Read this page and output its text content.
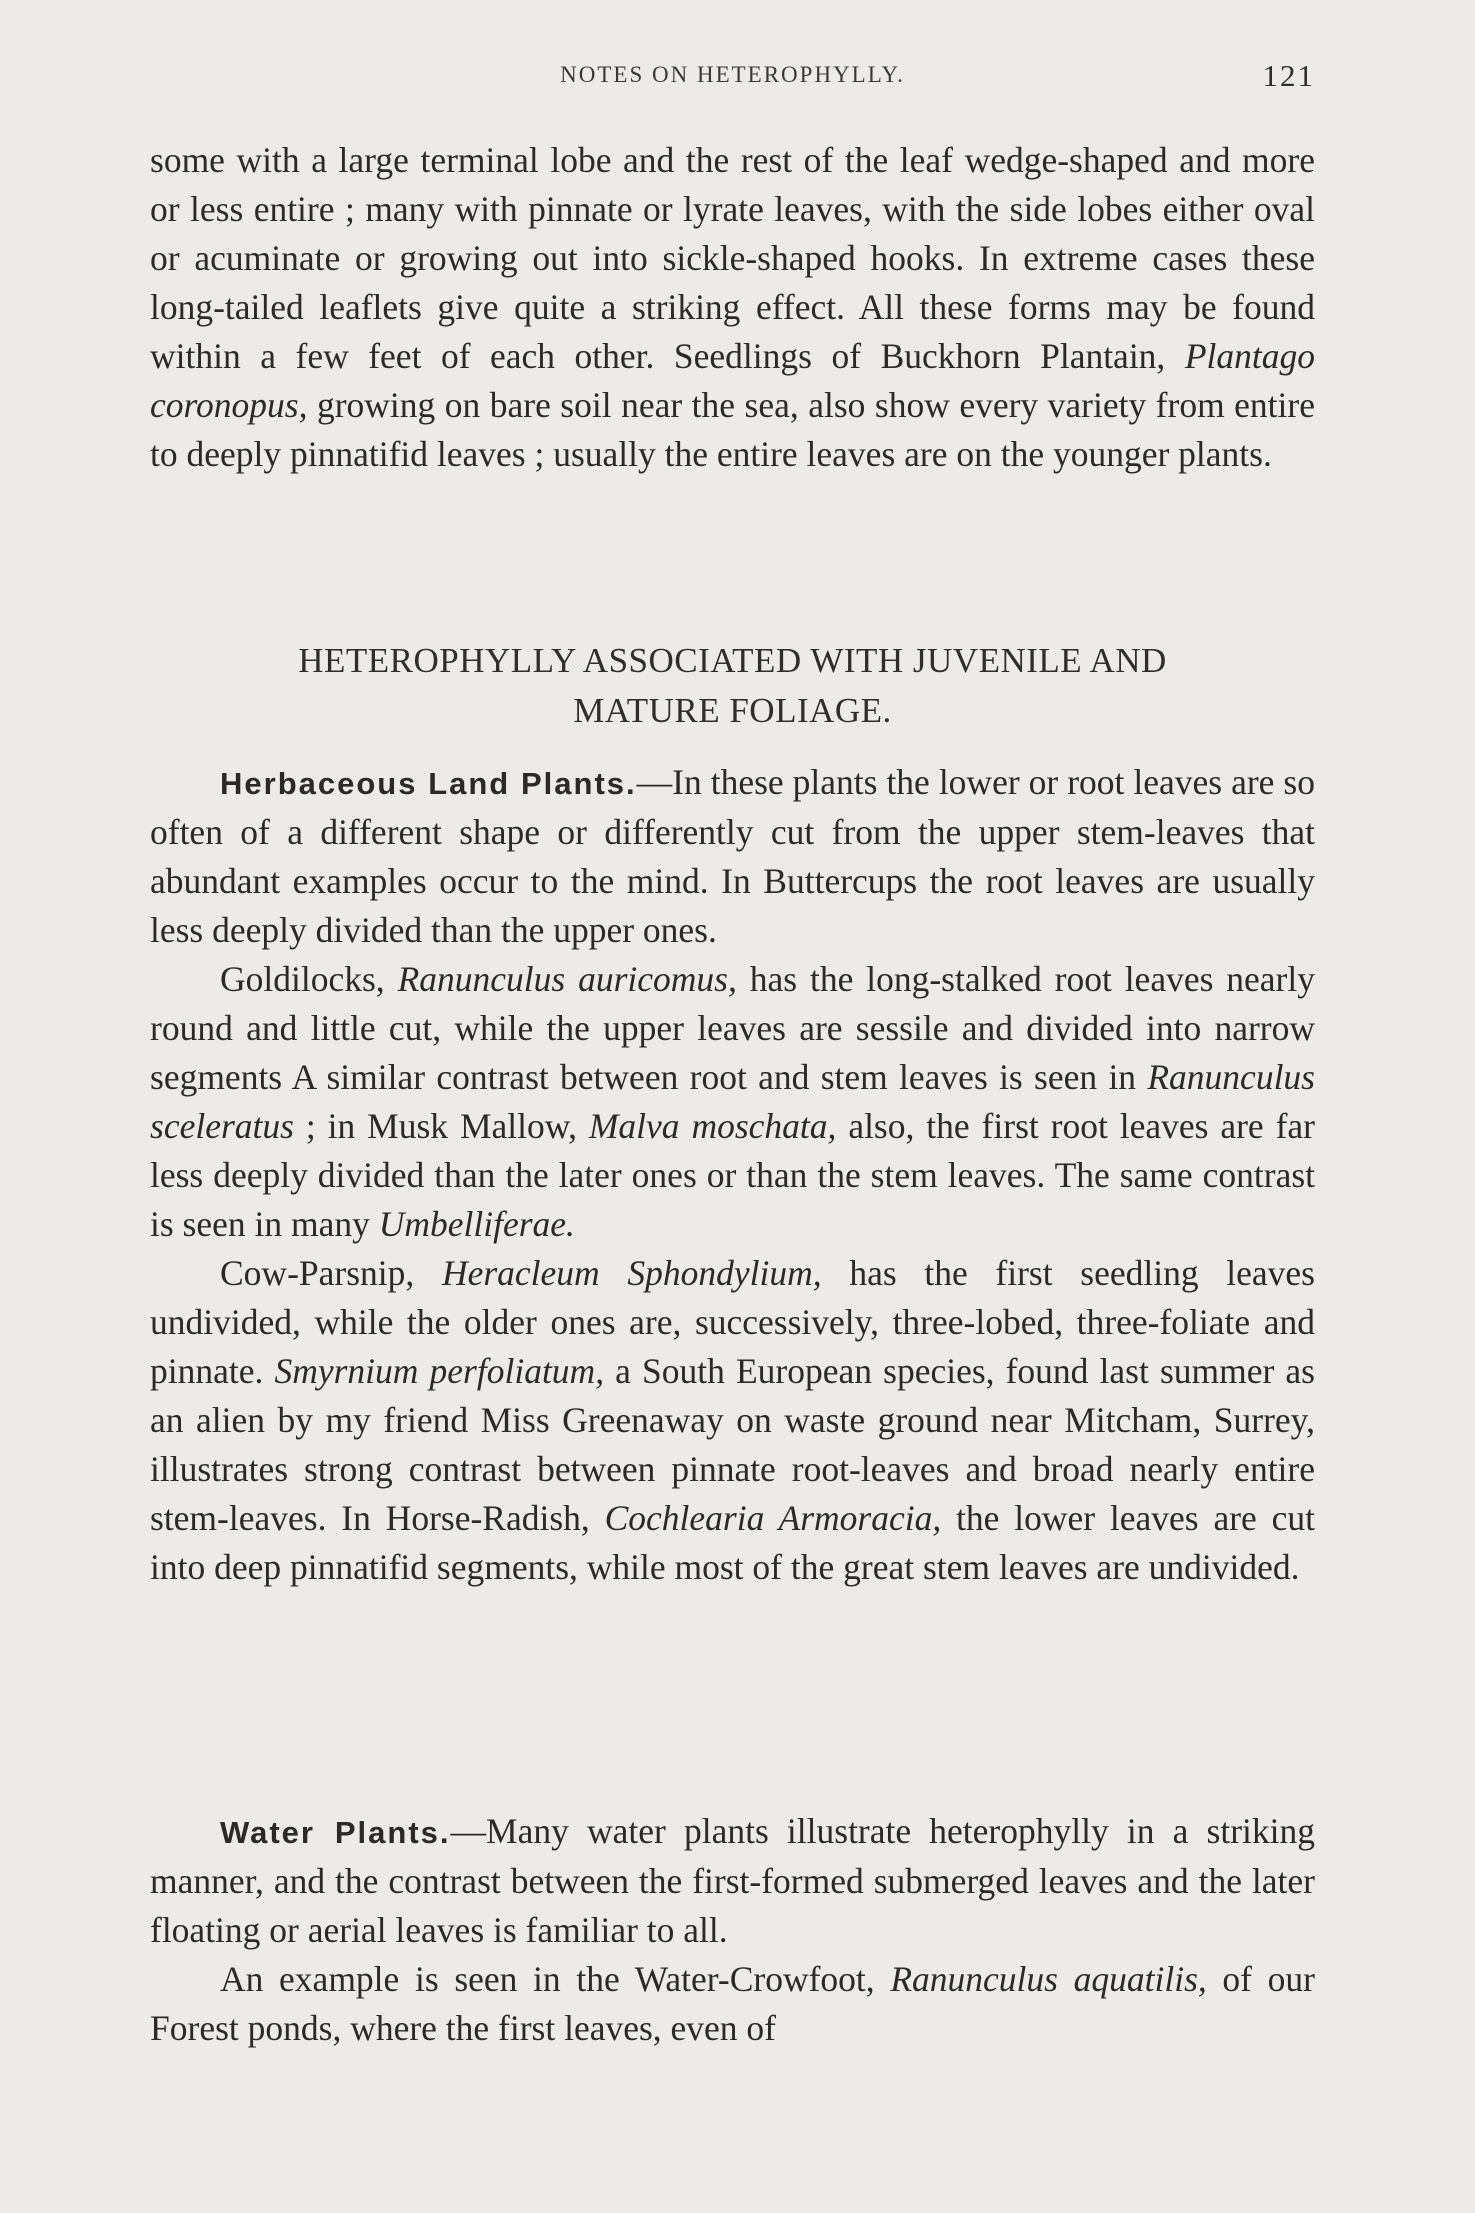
NOTES ON HETEROPHYLLY.	121

some with a large terminal lobe and the rest of the leaf wedge-shaped and more or less entire ; many with pinnate or lyrate leaves, with the side lobes either oval or acuminate or growing out into sickle-shaped hooks. In extreme cases these long-tailed leaflets give quite a striking effect. All these forms may be found within a few feet of each other. Seedlings of Buckhorn Plantain, Plantago coronopus, growing on bare soil near the sea, also show every variety from entire to deeply pinnatifid leaves ; usually the entire leaves are on the younger plants.

HETEROPHYLLY ASSOCIATED WITH JUVENILE AND
MATURE FOLIAGE.

Herbaceous Land Plants.—In these plants the lower or root leaves are so often of a different shape or differently cut from the upper stem-leaves that abundant examples occur to the mind. In Buttercups the root leaves are usually less deeply divided than the upper ones.

Goldilocks, Ranunculus auricomus, has the long-stalked root leaves nearly round and little cut, while the upper leaves are sessile and divided into narrow segments A similar contrast between root and stem leaves is seen in Ranunculus sceleratus ; in Musk Mallow, Malva moschata, also, the first root leaves are far less deeply divided than the later ones or than the stem leaves. The same contrast is seen in many Umbelliferae.

Cow-Parsnip, Heracleum Sphondylium, has the first seedling leaves undivided, while the older ones are, successively, three-lobed, three-foliate and pinnate. Smyrnium perfoliatum, a South European species, found last summer as an alien by my friend Miss Greenaway on waste ground near Mitcham, Surrey, illustrates strong contrast between pinnate root-leaves and broad nearly entire stem-leaves. In Horse-Radish, Cochlearia Armoracia, the lower leaves are cut into deep pinnatifid segments, while most of the great stem leaves are undivided.

Water Plants.—Many water plants illustrate heterophylly in a striking manner, and the contrast between the first-formed submerged leaves and the later floating or aerial leaves is familiar to all.

An example is seen in the Water-Crowfoot, Ranunculus aquatilis, of our Forest ponds, where the first leaves, even of
